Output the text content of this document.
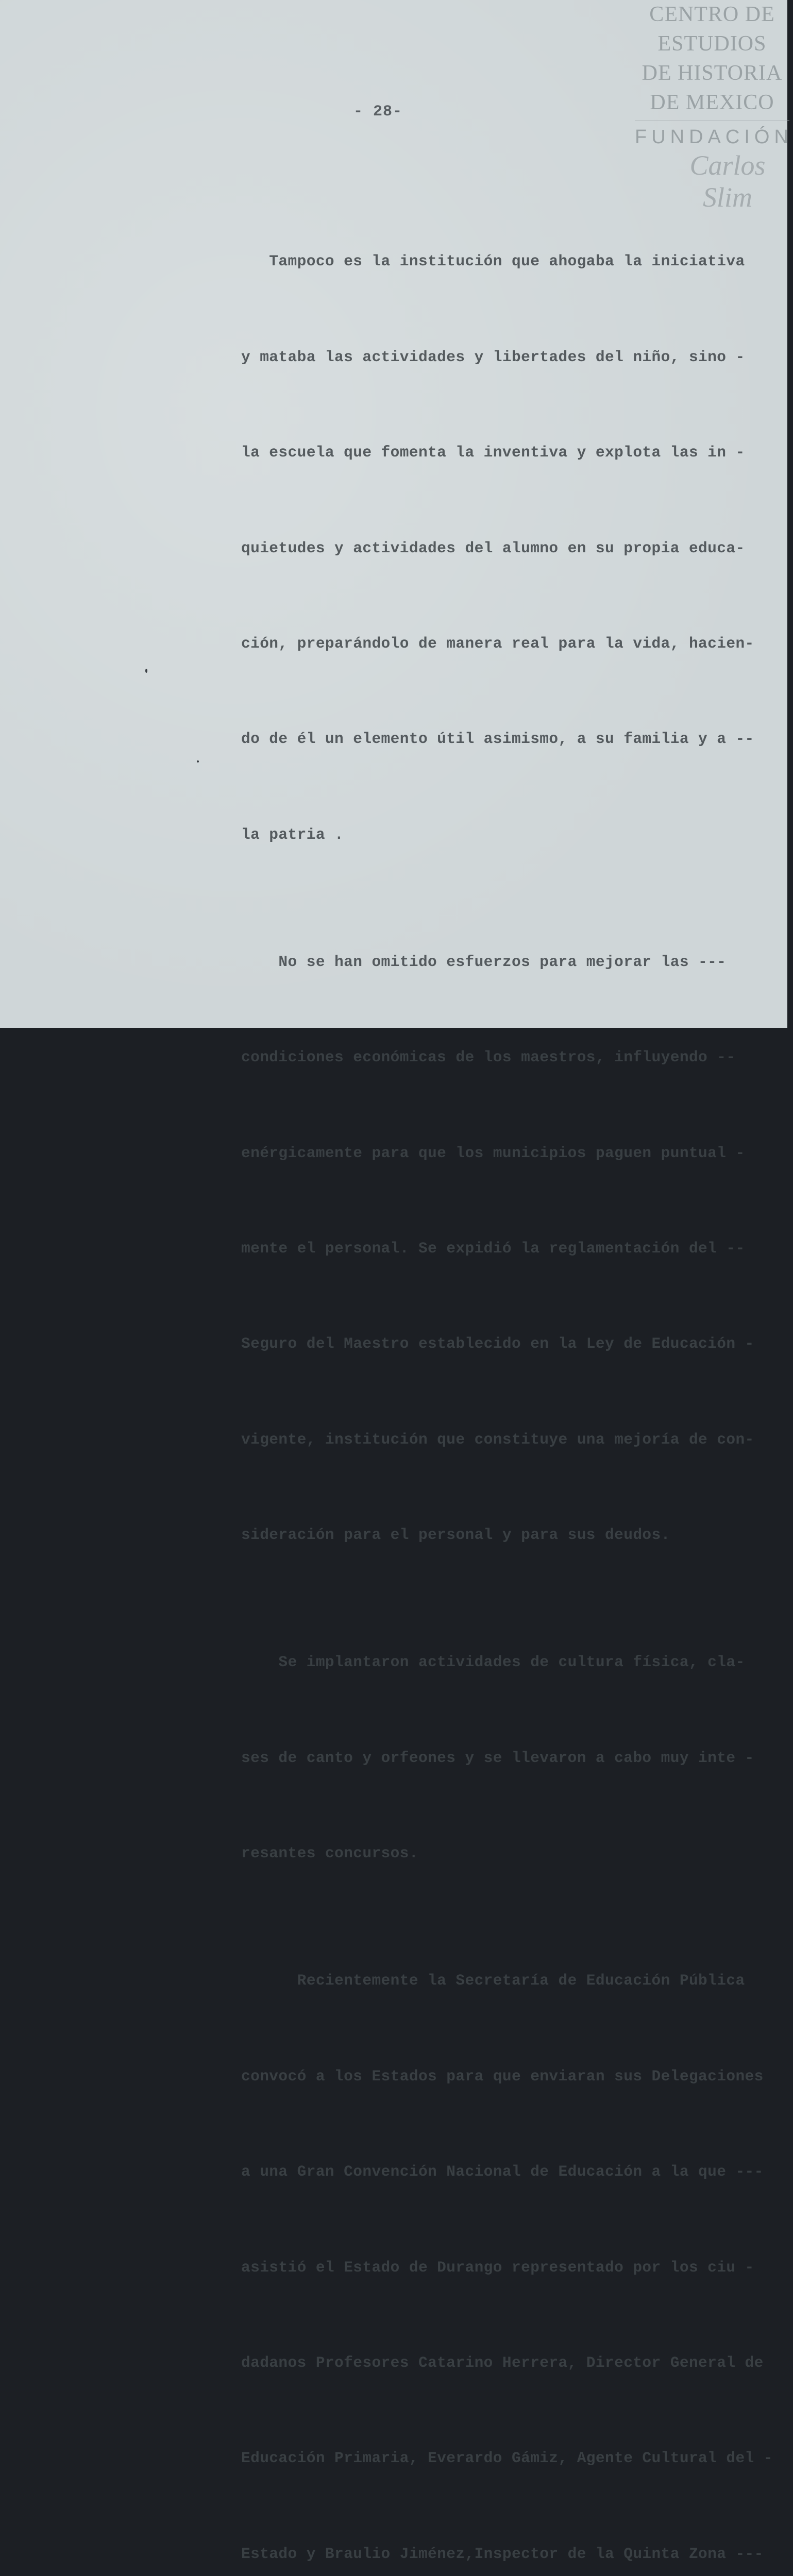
CENTRO DE
ESTUDIOS
DE HISTORIA
DE MEXICO
FUNDACIÓN
Carlos Slim
- 28-

Tampoco es la institución que ahogaba la iniciativa

y mataba las actividades y libertades del niño, sino -

la escuela que fomenta la inventiva y explota las in -

quietudes y actividades del alumno en su propia educa-

ción, preparándolo de manera real para la vida, hacien-

do de él un elemento útil asimismo, a su familia y a --

la patria .

No se han omitido esfuerzos para mejorar las ---

condiciones económicas de los maestros, influyendo --

enérgicamente para que los municipios paguen puntual -

mente el personal. Se expidió la reglamentación del --

Seguro del Maestro establecido en la Ley de Educación -

vigente, institución que constituye una mejoría de con-

sideración para el personal y para sus deudos.

Se implantaron actividades de cultura física, cla-

ses de canto y orfeones y se llevaron a cabo muy inte -

resantes concursos.

Recientemente la Secretaría de Educación Pública

convocó a los Estados para que enviaran sus Delegaciones

a una Gran Convención Nacional de Educación a la que ---

asistió el Estado de Durango representado por los ciu -

dadanos Profesores Catarino Herrera, Director General de

Educación Primaria, Everardo Gámiz, Agente Cultural del -

Estado y Braulio Jiménez,Inspector de la Quinta Zona ---
